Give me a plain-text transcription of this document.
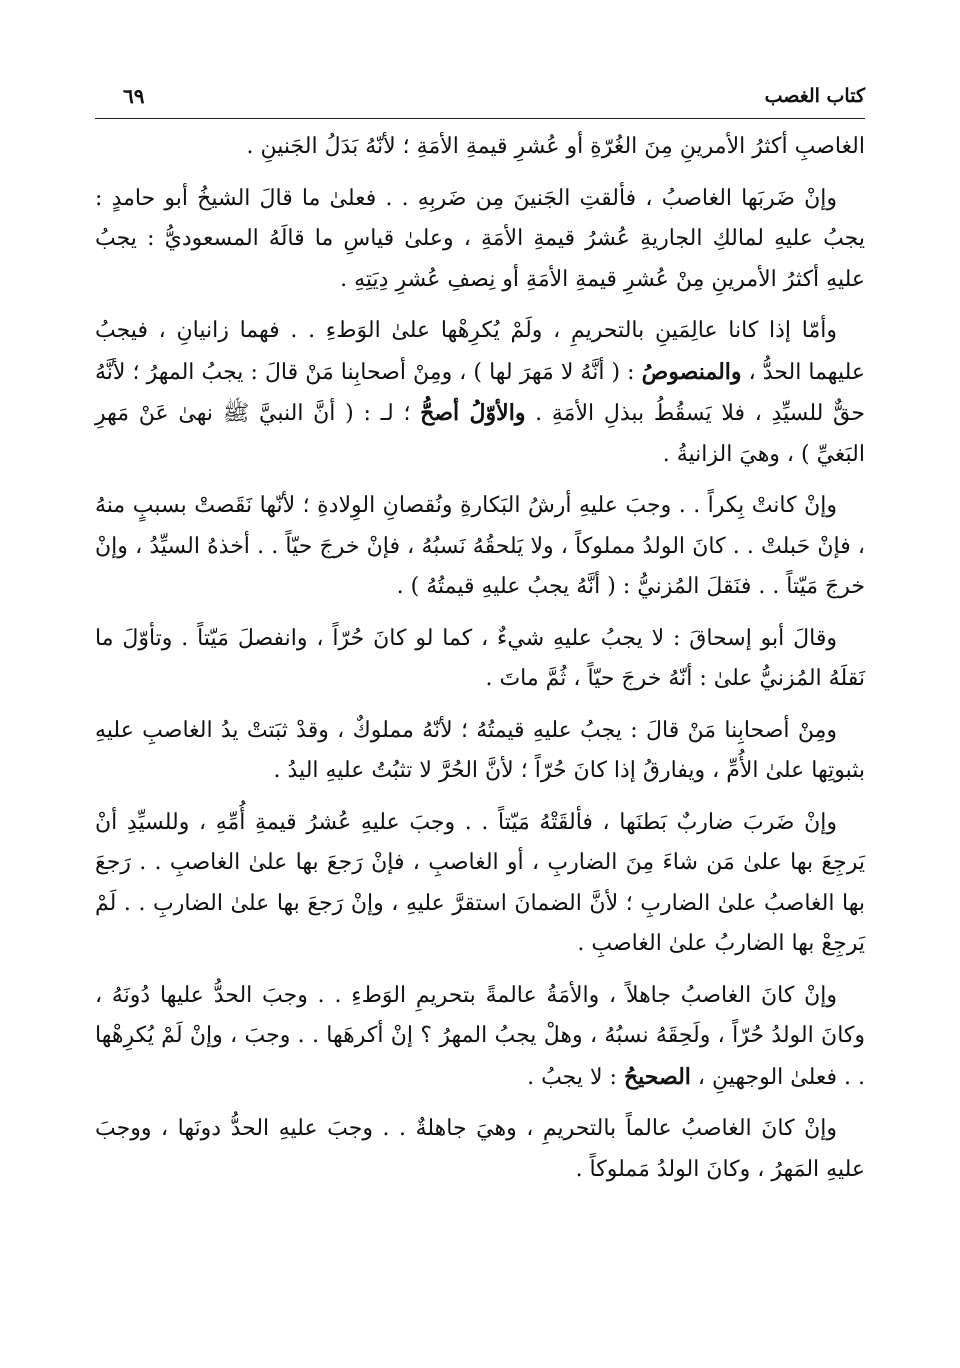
كتاب الغصب
٦٩

الغاصبِ أكثرُ الأمرينِ مِنَ الغُرّةِ أو عُشرِ قيمةِ الأمَةِ ؛ لأنّهُ بَدَلُ الجَنينِ .

وإنْ ضَربَها الغاصبُ ، فألقتِ الجَنينَ مِن ضَربِهِ . . فعلىٰ ما قالَ الشيخُ أبو حامدٍ : يجبُ عليهِ لمالكِ الجاريةِ عُشرُ قيمةِ الأمَةِ ، وعلىٰ قياسِ ما قالَهُ المسعوديُّ : يجبُ عليهِ أكثرُ الأمرينِ مِنْ عُشرِ قيمةِ الأمَةِ أو نِصفِ عُشرِ دِيَتِهِ .

وأمّا إذا كانا عالِمَينِ بالتحريمِ ، ولَمْ يُكرِهْها علىٰ الوَطءِ . . فهما زانيانِ ، فيجبُ عليهما الحدُّ ، والمنصوصُ : ( أنَّهُ لا مَهرَ لها ) ، ومِنْ أصحابِنا مَنْ قالَ : يجبُ المهرُ ؛ لأنَّهُ حقٌّ للسيِّدِ ، فلا يَسقُطُ ببذلِ الأمَةِ . والأوّلُ أصحُّ ؛ لـ : ( أنَّ النبيَّ ﷺ نهىٰ عَنْ مَهرِ البَغيِّ ) ، وهيَ الزانيةُ .

وإنْ كانتْ بِكراً . . وجبَ عليهِ أرشُ البَكارةِ ونُقصانِ الوِلادةِ ؛ لأنّها نَقَصتْ بسببٍ منهُ ، فإنْ حَبلتْ . . كانَ الولدُ مملوكاً ، ولا يَلحقُهُ نَسبُهُ ، فإنْ خرجَ حيّاً . . أخذهُ السيِّدُ ، وإنْ خرجَ مَيّتاً . . فنَقلَ المُزنيُّ : ( أنَّهُ يجبُ عليهِ قيمتُهُ ) .

وقالَ أبو إسحاقَ : لا يجبُ عليهِ شيءٌ ، كما لو كانَ حُرّاً ، وانفصلَ مَيّتاً . وتأوّلَ ما نَقلَهُ المُزنيُّ علىٰ : أنّهُ خرجَ حيّاً ، ثُمَّ ماتَ .

ومِنْ أصحابِنا مَنْ قالَ : يجبُ عليهِ قيمتُهُ ؛ لأنّهُ مملوكٌ ، وقدْ ثبَتتْ يدُ الغاصبِ عليهِ بثبوتِها علىٰ الأُمِّ ، ويفارقُ إذا كانَ حُرّاً ؛ لأنَّ الحُرَّ لا تثبُتُ عليهِ اليدُ .

وإنْ ضَربَ ضاربٌ بَطنَها ، فألقَتْهُ مَيّتاً . . وجبَ عليهِ عُشرُ قيمةِ أُمِّهِ ، وللسيِّدِ أنْ يَرجِعَ بها علىٰ مَن شاءَ مِنَ الضاربِ ، أو الغاصبِ ، فإنْ رَجعَ بها علىٰ الغاصبِ . . رَجعَ بها الغاصبُ علىٰ الضاربِ ؛ لأنَّ الضمانَ استقرَّ عليهِ ، وإنْ رَجعَ بها علىٰ الضاربِ . . لَمْ يَرجِعْ بها الضاربُ علىٰ الغاصبِ .

وإنْ كانَ الغاصبُ جاهلاً ، والأمَةُ عالمةً بتحريمِ الوَطءِ . . وجبَ الحدُّ عليها دُونَهُ ، وكانَ الولدُ حُرّاً ، ولَحِقَهُ نسبُهُ ، وهلْ يجبُ المهرُ ؟ إنْ أكرهَها . . وجبَ ، وإنْ لَمْ يُكرِهْها . . فعلىٰ الوجهينِ ، الصحيحُ : لا يجبُ .

وإنْ كانَ الغاصبُ عالماً بالتحريمِ ، وهيَ جاهلةٌ . . وجبَ عليهِ الحدُّ دونَها ، ووجبَ عليهِ المَهرُ ، وكانَ الولدُ مَملوكاً .
